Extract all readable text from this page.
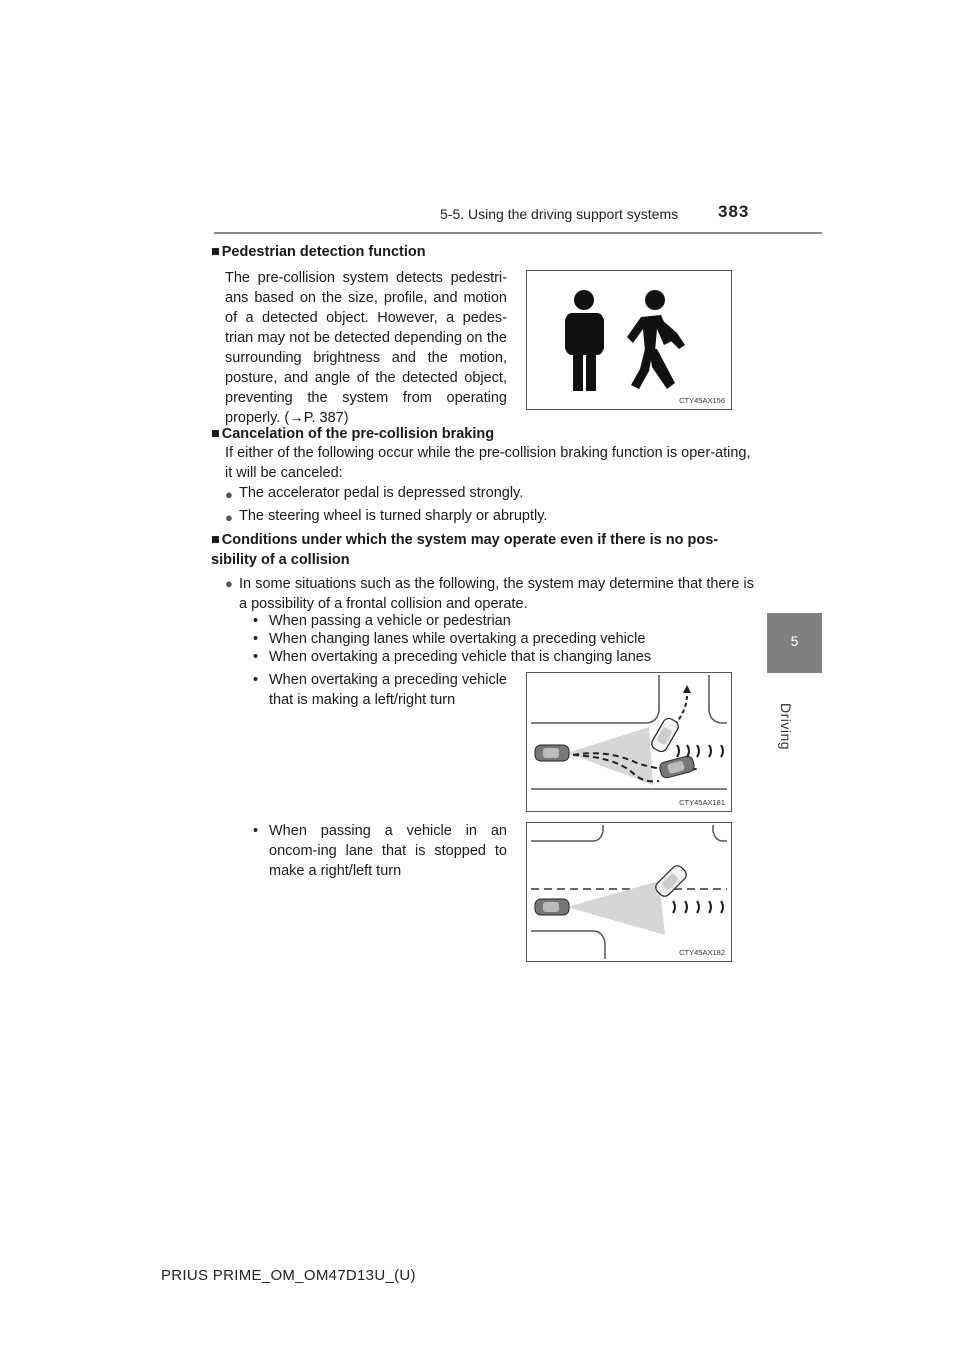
5-5. Using the driving support systems 383
5
Driving
■ Pedestrian detection function
The pre-collision system detects pedestri-ans based on the size, profile, and motion of a detected object. However, a pedes-trian may not be detected depending on the surrounding brightness and the motion, posture, and angle of the detected object, preventing the system from operating properly. (→P. 387)
CTY45AX156
■ Cancelation of the pre-collision braking
If either of the following occur while the pre-collision braking function is oper-ating, it will be canceled:
● The accelerator pedal is depressed strongly.
● The steering wheel is turned sharply or abruptly.
■ Conditions under which the system may operate even if there is no pos-sibility of a collision
● In some situations such as the following, the system may determine that there is a possibility of a frontal collision and operate.
• When passing a vehicle or pedestrian
• When changing lanes while overtaking a preceding vehicle
• When overtaking a preceding vehicle that is changing lanes
• When overtaking a preceding vehicle that is making a left/right turn
CTY45AX181
• When passing a vehicle in an oncom-ing lane that is stopped to make a right/left turn
CTY45AX182
PRIUS PRIME_OM_OM47D13U_(U)
